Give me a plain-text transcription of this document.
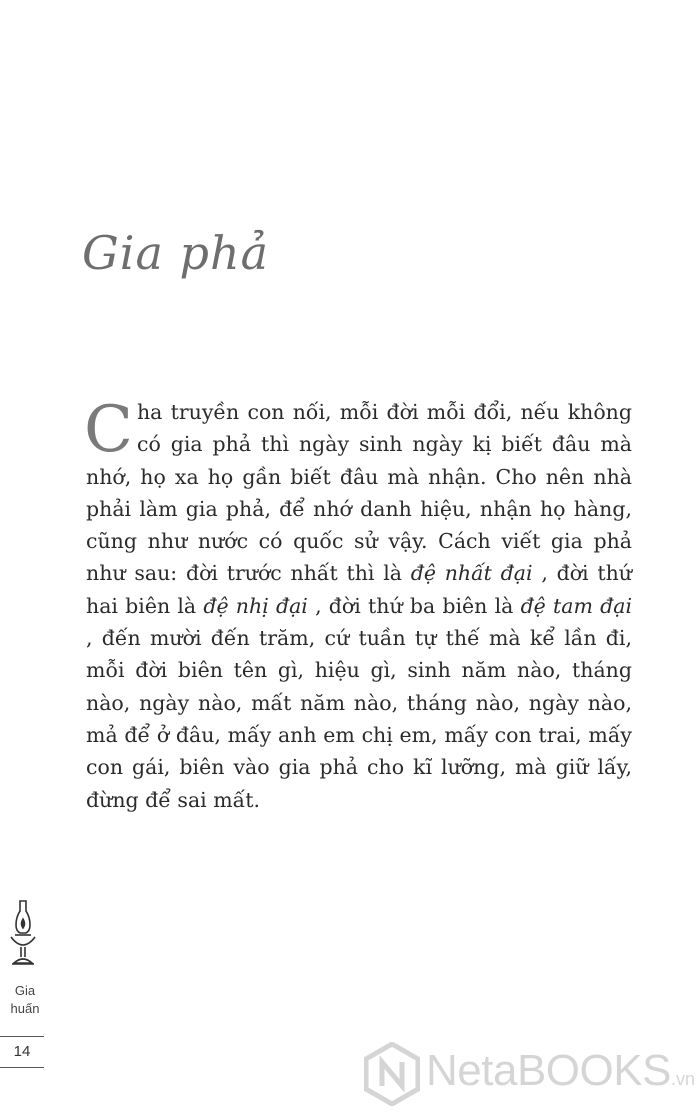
Gia phả

C ha truyền con nối, mỗi đời mỗi đổi, nếu không có gia phả thì ngày sinh ngày kị biết đâu mà nhớ, họ xa họ gần biết đâu mà nhận. Cho nên nhà phải làm gia phả, để nhớ danh hiệu, nhận họ hàng, cũng như nước có quốc sử vậy. Cách viết gia phả như sau: đời trước nhất thì là đệ nhất đại , đời thứ hai biên là đệ nhị đại , đời thứ ba biên là đệ tam đại , đến mười đến trăm, cứ tuần tự thế mà kể lần đi, mỗi đời biên tên gì, hiệu gì, sinh năm nào, tháng nào, ngày nào, mất năm nào, tháng nào, ngày nào, mả để ở đâu, mấy anh em chị em, mấy con trai, mấy con gái, biên vào gia phả cho kĩ lưỡng, mà giữ lấy, đừng để sai mất.

Gia
huấn
14	NetaBOOKS.vn
